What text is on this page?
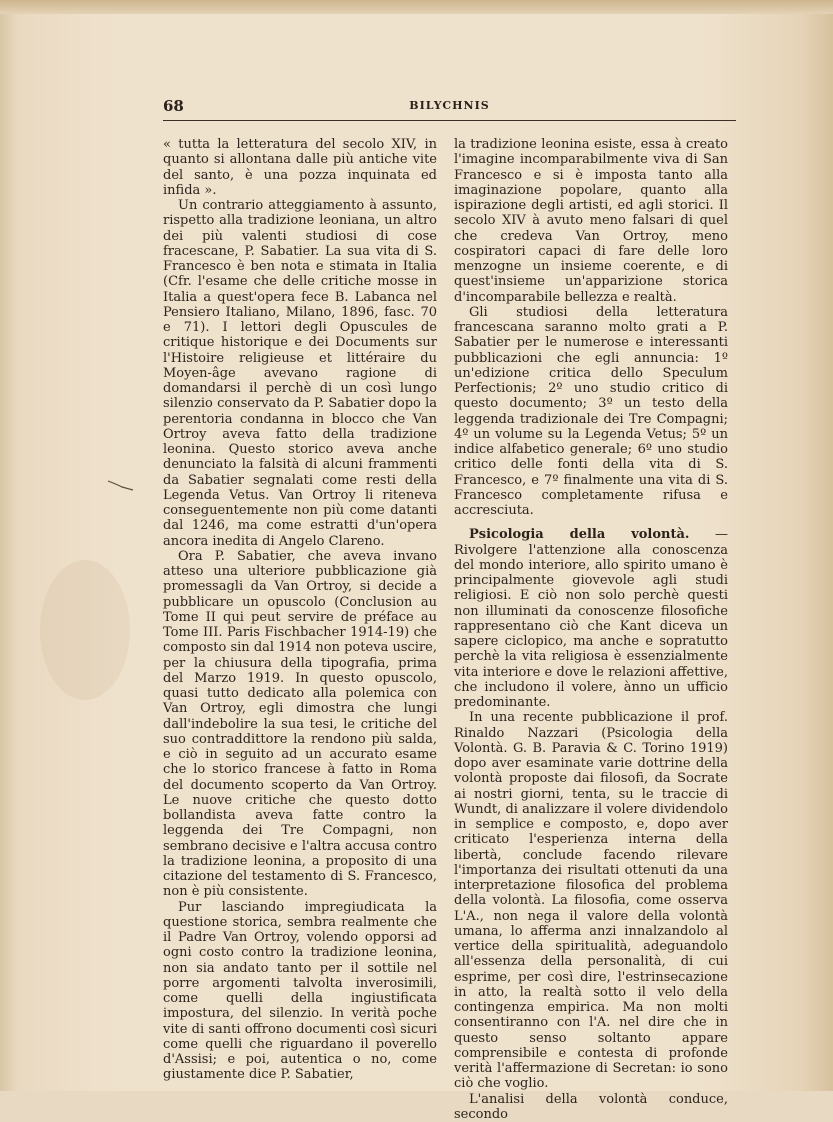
68	BILYCHNIS

« tutta la letteratura del secolo XIV, in quanto si allontana dalle più antiche vite del santo, è una pozza inquinata ed infida ».

Un contrario atteggiamento à assunto, rispetto alla tradizione leoniana, un altro dei più valenti studiosi di cose fracescane, P. Sabatier. La sua vita di S. Francesco è ben nota e stimata in Italia (Cfr. l'esame che delle critiche mosse in Italia a quest'opera fece B. Labanca nel Pensiero Italiano, Milano, 1896, fasc. 70 e 71). I lettori degli Opuscules de critique historique e dei Documents sur l'Histoire religieuse et littéraire du Moyen-âge avevano ragione di domandarsi il perchè di un così lungo silenzio conservato da P. Sabatier dopo la perentoria condanna in blocco che Van Ortroy aveva fatto della tradizione leonina. Questo storico aveva anche denunciato la falsità di alcuni frammenti da Sabatier segnalati come resti della Legenda Vetus. Van Ortroy li riteneva conseguentemente non più come datanti dal 1246, ma come estratti d'un'opera ancora inedita di Angelo Clareno.

Ora P. Sabatier, che aveva invano atteso una ulteriore pubblicazione già promessagli da Van Ortroy, si decide a pubblicare un opuscolo (Conclusion au Tome II qui peut servire de préface au Tome III. Paris Fischbacher 1914-19) che composto sin dal 1914 non poteva uscire, per la chiusura della tipografia, prima del Marzo 1919. In questo opuscolo, quasi tutto dedicato alla polemica con Van Ortroy, egli dimostra che lungi dall'indebolire la sua tesi, le critiche del suo contraddittore la rendono più salda, e ciò in seguito ad un accurato esame che lo storico francese à fatto in Roma del documento scoperto da Van Ortroy. Le nuove critiche che questo dotto bollandista aveva fatte contro la leggenda dei Tre Compagni, non sembrano decisive e l'altra accusa contro la tradizione leonina, a proposito di una citazione del testamento di S. Francesco, non è più consistente.

Pur lasciando impregiudicata la questione storica, sembra realmente che il Padre Van Ortroy, volendo opporsi ad ogni costo contro la tradizione leonina, non sia andato tanto per il sottile nel porre argomenti talvolta inverosimili, come quelli della ingiustificata impostura, del silenzio. In verità poche vite di santi offrono documenti così sicuri come quelli che riguardano il poverello d'Assisi; e poi, autentica o no, come giustamente dice P. Sabatier,

la tradizione leonina esiste, essa à creato l'imagine incomparabilmente viva di San Francesco e si è imposta tanto alla imaginazione popolare, quanto alla ispirazione degli artisti, ed agli storici. Il secolo XIV à avuto meno falsari di quel che credeva Van Ortroy, meno cospiratori capaci di fare delle loro menzogne un insieme coerente, e di quest'insieme un'apparizione storica d'incomparabile bellezza e realtà.

Gli studiosi della letteratura francescana saranno molto grati a P. Sabatier per le numerose e interessanti pubblicazioni che egli annuncia: 1º un'edizione critica dello Speculum Perfectionis; 2º uno studio critico di questo documento; 3º un testo della leggenda tradizionale dei Tre Compagni; 4º un volume su la Legenda Vetus; 5º un indice alfabetico generale; 6º uno studio critico delle fonti della vita di S. Francesco, e 7º finalmente una vita di S. Francesco completamente rifusa e accresciuta.

Psicologia della volontà. — Rivolgere l'attenzione alla conoscenza del mondo interiore, allo spirito umano è principalmente giovevole agli studi religiosi. E ciò non solo perchè questi non illuminati da conoscenze filosofiche rappresentano ciò che Kant diceva un sapere ciclopico, ma anche e sopratutto perchè la vita religiosa è essenzialmente vita interiore e dove le relazioni affettive, che includono il volere, ànno un ufficio predominante.

In una recente pubblicazione il prof. Rinaldo Nazzari (Psicologia della Volontà. G. B. Paravia & C. Torino 1919) dopo aver esaminate varie dottrine della volontà proposte dai filosofi, da Socrate ai nostri giorni, tenta, su le traccie di Wundt, di analizzare il volere dividendolo in semplice e composto, e, dopo aver criticato l'esperienza interna della libertà, conclude facendo rilevare l'importanza dei risultati ottenuti da una interpretazione filosofica del problema della volontà. La filosofia, come osserva L'A., non nega il valore della volontà umana, lo afferma anzi innalzandolo al vertice della spiritualità, adeguandolo all'essenza della personalità, di cui esprime, per così dire, l'estrinsecazione in atto, la realtà sotto il velo della contingenza empirica. Ma non molti consentiranno con l'A. nel dire che in questo senso soltanto appare comprensibile e contesta di profonde verità l'affermazione di Secretan: io sono ciò che voglio.

L'analisi della volontà conduce, secondo
